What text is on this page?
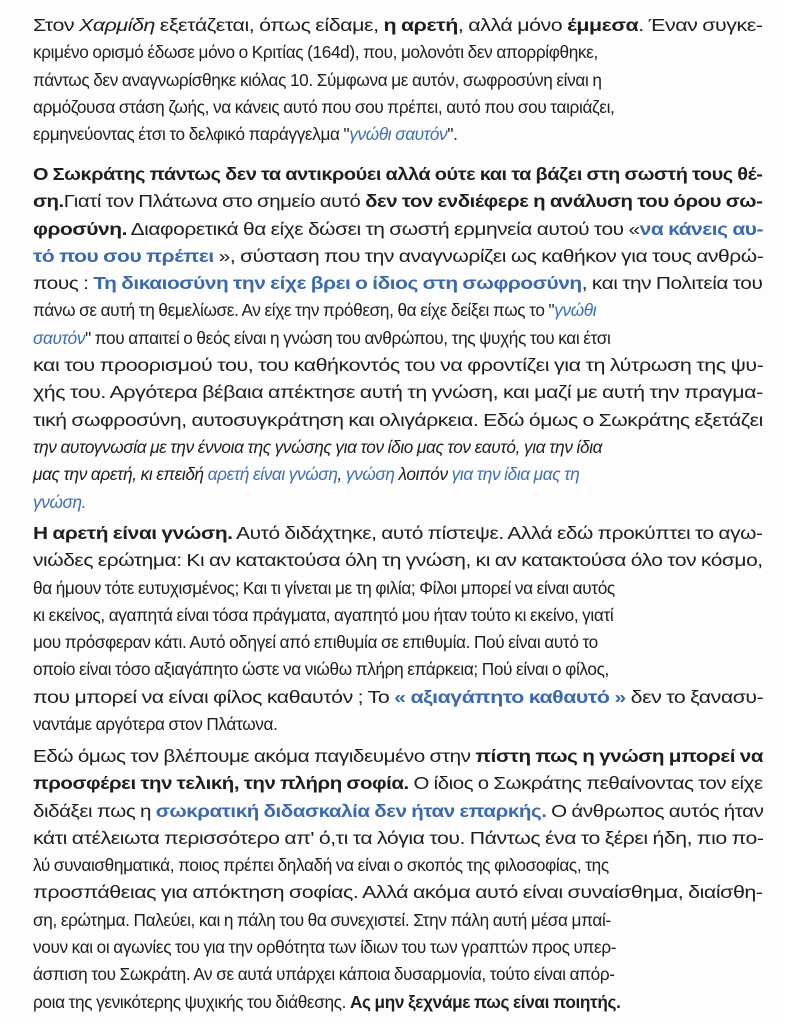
Στον Χαρμίδη εξετάζεται, όπως είδαμε, η αρετή, αλλά μόνο έμμεσα. Έναν συγκε-
κριμένο ορισμό έδωσε μόνο ο Κριτίας (164d), που, μολονότι δεν απορρίφθηκε,
πάντως δεν αναγνωρίσθηκε κιόλας 10. Σύμφωνα με αυτόν, σωφροσύνη είναι η
αρμόζουσα στάση ζωής, να κάνεις αυτό που σου πρέπει, αυτό που σου ταιριάζει,
ερμηνεύοντας έτσι το δελφικό παράγγελμα "γνώθι σαυτόν".
Ο Σωκράτης πάντως δεν τα αντικρούει αλλά ούτε και τα βάζει στη σωστή τους θέ-
ση.Γιατί τον Πλάτωνα στο σημείο αυτό δεν τον ενδιέφερε η ανάλυση του όρου σω-
φροσύνη. Διαφορετικά θα είχε δώσει τη σωστή ερμηνεία αυτού του «να κάνεις αυ-
τό που σου πρέπει », σύσταση που την αναγνωρίζει ως καθήκον για τους ανθρώ-
πους : Τη δικαιοσύνη την είχε βρει ο ίδιος στη σωφροσύνη, και την Πολιτεία του
πάνω σε αυτή τη θεμελίωσε. Αν είχε την πρόθεση, θα είχε δείξει πως το "γνώθι
σαυτόν" που απαιτεί ο θεός είναι η γνώση του ανθρώπου, της ψυχής του και έτσι
και του προορισμού του, του καθήκοντός του να φροντίζει για τη λύτρωση της ψυ-
χής του. Αργότερα βέβαια απέκτησε αυτή τη γνώση, και μαζί με αυτή την πραγμα-
τική σωφροσύνη, αυτοσυγκράτηση και ολιγάρκεια. Εδώ όμως ο Σωκράτης εξετάζει
την αυτογνωσία με την έννοια της γνώσης για τον ίδιο μας τον εαυτό, για την ίδια
μας την αρετή, κι επειδή αρετή είναι γνώση, γνώση λοιπόν για την ίδια μας τη
γνώση.
Η αρετή είναι γνώση. Αυτό διδάχτηκε, αυτό πίστεψε. Αλλά εδώ προκύπτει το αγω-
νιώδες ερώτημα: Κι αν κατακτούσα όλη τη γνώση, κι αν κατακτούσα όλο τον κόσμο,
θα ήμουν τότε ευτυχισμένος; Και τι γίνεται με τη φιλία; Φίλοι μπορεί να είναι αυτός
κι εκείνος, αγαπητά είναι τόσα πράγματα, αγαπητό μου ήταν τούτο κι εκείνο, γιατί
μου πρόσφεραν κάτι. Αυτό οδηγεί από επιθυμία σε επιθυμία. Πού είναι αυτό το
οποίο είναι τόσο αξιαγάπητο ώστε να νιώθω πλήρη επάρκεια; Πού είναι ο φίλος,
που μπορεί να είναι φίλος καθαυτόν ; Το « αξιαγάπητο καθαυτό » δεν το ξανασυ-
ναντάμε αργότερα στον Πλάτωνα.
Εδώ όμως τον βλέπουμε ακόμα παγιδευμένο στην πίστη πως η γνώση μπορεί να
προσφέρει την τελική, την πλήρη σοφία. Ο ίδιος ο Σωκράτης πεθαίνοντας τον είχε
διδάξει πως η σωκρατική διδασκαλία δεν ήταν επαρκής. Ο άνθρωπος αυτός ήταν
κάτι ατέλειωτα περισσότερο απ' ό,τι τα λόγια του. Πάντως ένα το ξέρει ήδη, πιο πο-
λύ συναισθηματικά, ποιος πρέπει δηλαδή να είναι ο σκοπός της φιλοσοφίας, της
προσπάθειας για απόκτηση σοφίας. Αλλά ακόμα αυτό είναι συναίσθημα, διαίσθη-
ση, ερώτημα. Παλεύει, και η πάλη του θα συνεχιστεί. Στην πάλη αυτή μέσα μπαί-
νουν και οι αγωνίες του για την ορθότητα των ίδιων του των γραπτών προς υπερ-
άσπιση του Σωκράτη. Αν σε αυτά υπάρχει κάποια δυσαρμονία, τούτο είναι απόρ-
ροια της γενικότερης ψυχικής του διάθεσης. Ας μην ξεχνάμε πως είναι ποιητής.
